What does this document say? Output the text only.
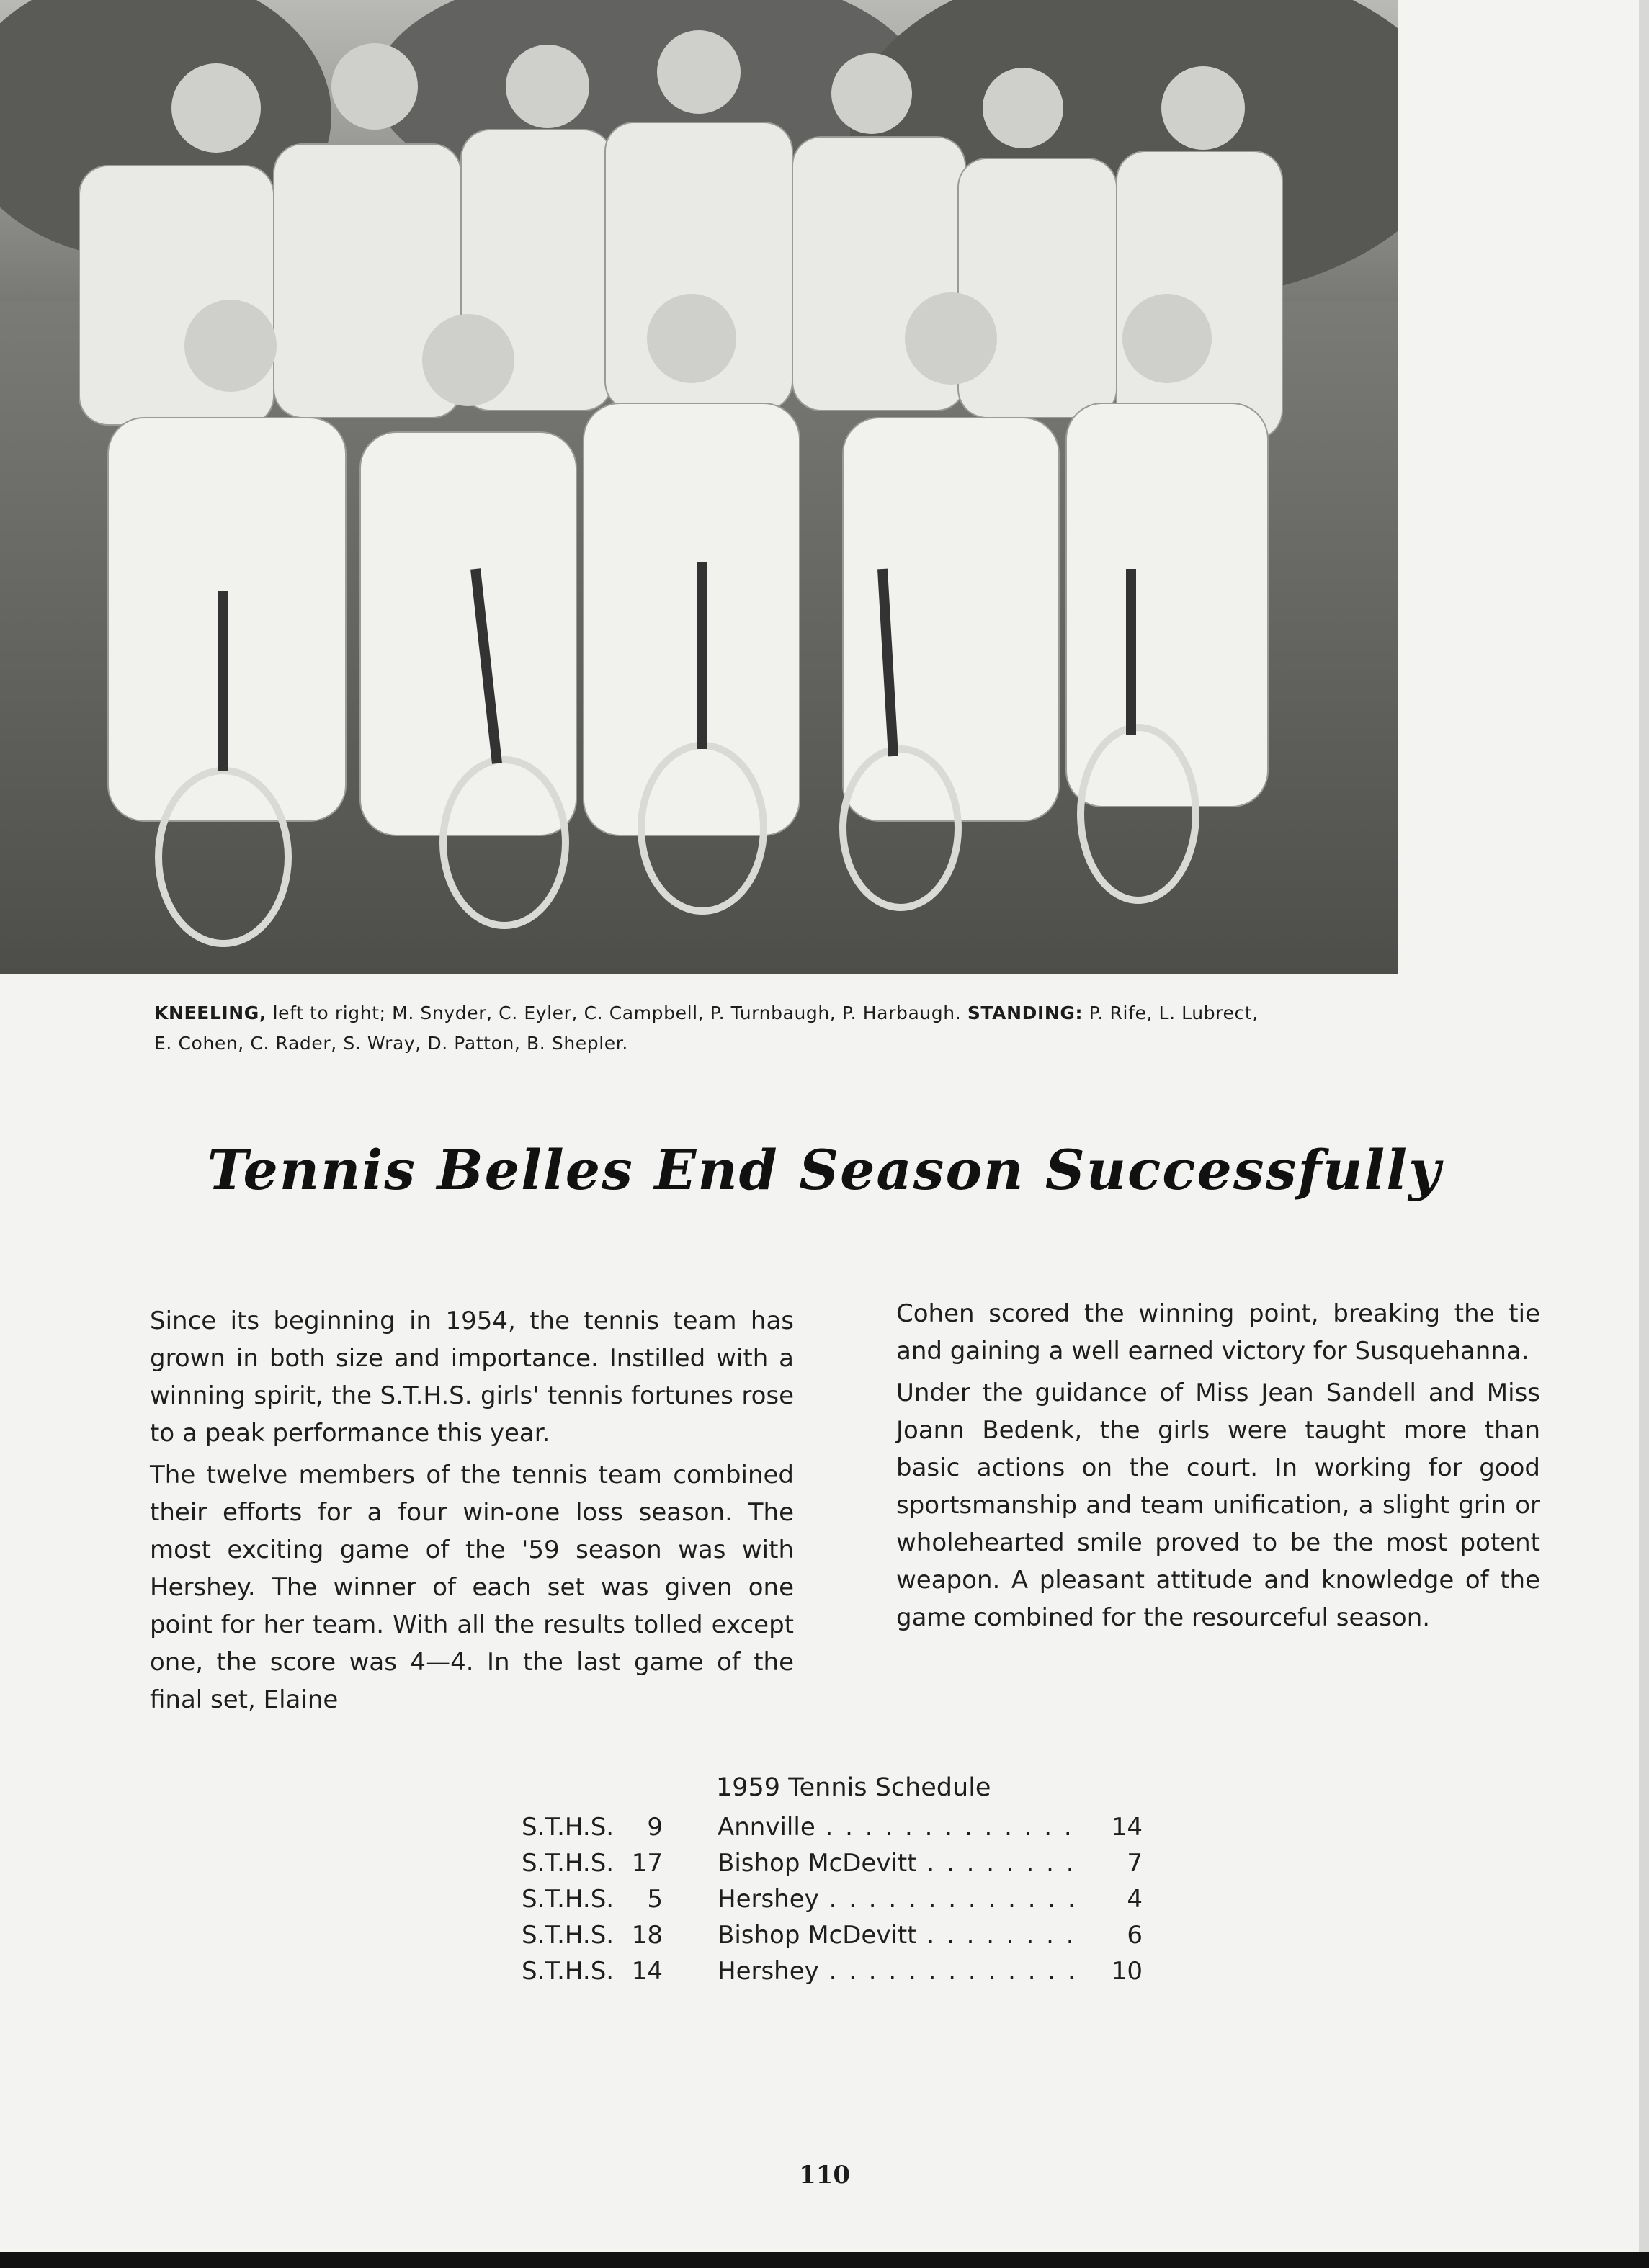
KNEELING, left to right; M. Snyder, C. Eyler, C. Campbell, P. Turnbaugh, P. Harbaugh. STANDING: P. Rife, L. Lubrect, E. Cohen, C. Rader, S. Wray, D. Patton, B. Shepler.
Tennis Belles End Season Successfully

Since its beginning in 1954, the tennis team has grown in both size and importance. Instilled with a winning spirit, the S.T.H.S. girls' tennis fortunes rose to a peak performance this year.

The twelve members of the tennis team combined their efforts for a four win-one loss season. The most exciting game of the '59 season was with Hershey. The winner of each set was given one point for her team. With all the results tolled except one, the score was 4—4. In the last game of the final set, Elaine

Cohen scored the winning point, breaking the tie and gaining a well earned victory for Susquehanna.

Under the guidance of Miss Jean Sandell and Miss Joann Bedenk, the girls were taught more than basic actions on the court. In working for good sportsmanship and team unification, a slight grin or wholehearted smile proved to be the most potent weapon. A pleasant attitude and knowledge of the game combined for the resourceful season.

1959 Tennis Schedule
S.T.H.S.	9 Annville . . .	14
S.T.H.S. 17 Bishop McDevitt . . .	7
S.T.H.S.	5 Hershey . . .	4
S.T.H.S. 18 Bishop McDevitt . . .	6
S.T.H.S. 14 Hershey . . .	10
110
